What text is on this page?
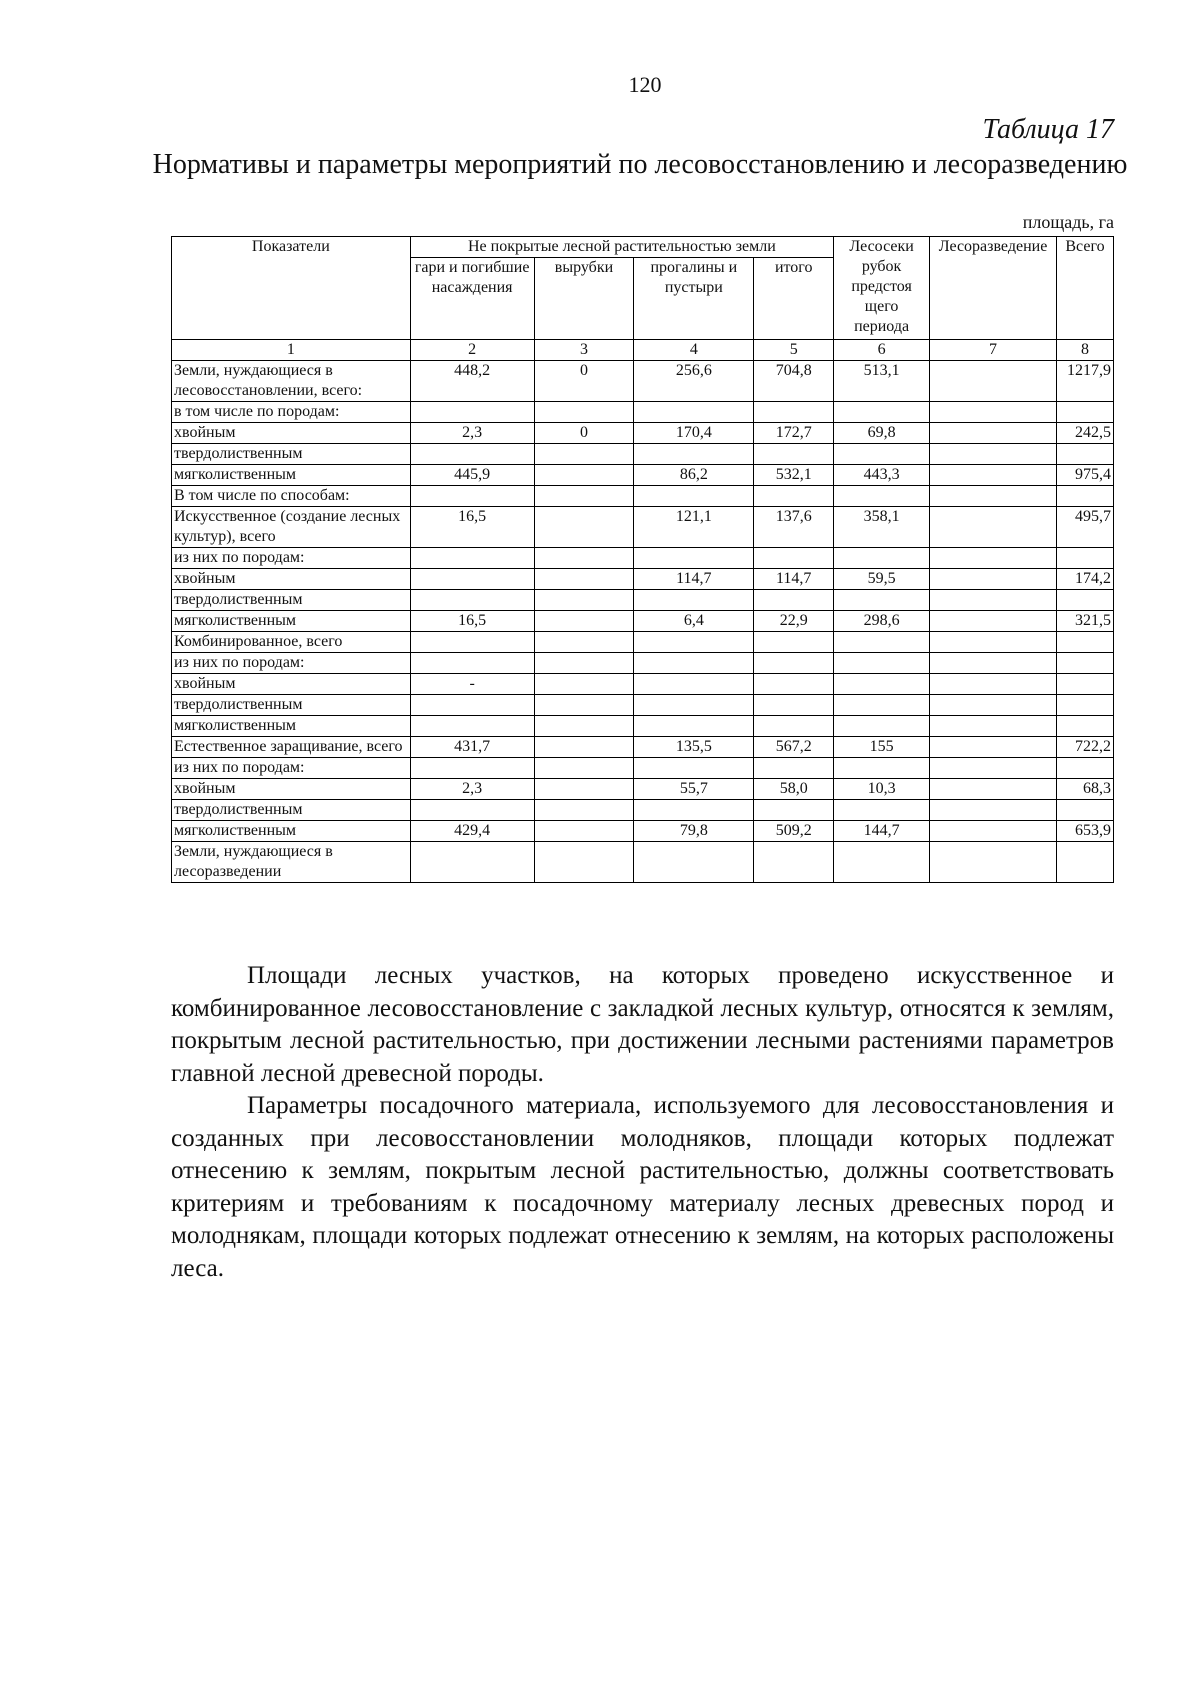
120
Таблица 17
Нормативы и параметры мероприятий по лесовосстановлению и лесоразведению
площадь, га
Показатели	Не покрытые лесной растительностью земли				Лесосеки рубок предстоя щего периода	Лесоразведение	Всего
	гари и погибшие насаждения	вырубки	прогалины и пустыри	итого			
1	2	3	4	5	6	7	8
Земли, нуждающиеся в лесовосстановлении, всего:	448,2	0	256,6	704,8	513,1		1217,9
в том числе по породам:							
хвойным	2,3	0	170,4	172,7	69,8		242,5
твердолиственным							
мягколиственным	445,9		86,2	532,1	443,3		975,4
В том числе по способам:							
Искусственное (создание лесных культур), всего	16,5		121,1	137,6	358,1		495,7
из них по породам:							
хвойным			114,7	114,7	59,5		174,2
твердолиственным							
мягколиственным	16,5		6,4	22,9	298,6		321,5
Комбинированное, всего							
из них по породам:							
хвойным	-						
твердолиственным							
мягколиственным							
Естественное заращивание, всего	431,7		135,5	567,2	155		722,2
из них по породам:							
хвойным	2,3		55,7	58,0	10,3		68,3
твердолиственным							
мягколиственным	429,4		79,8	509,2	144,7		653,9
Земли, нуждающиеся в лесоразведении							

Площади лесных участков, на которых проведено искусственное и комбинированное лесовосстановление с закладкой лесных культур, относятся к землям, покрытым лесной растительностью, при достижении лесными растениями параметров главной лесной древесной породы.

Параметры посадочного материала, используемого для лесовосстановления и созданных при лесовосстановлении молодняков, площади которых подлежат отнесению к землям, покрытым лесной растительностью, должны соответствовать критериям и требованиям к посадочному материалу лесных древесных пород и молоднякам, площади которых подлежат отнесению к землям, на которых расположены леса.
